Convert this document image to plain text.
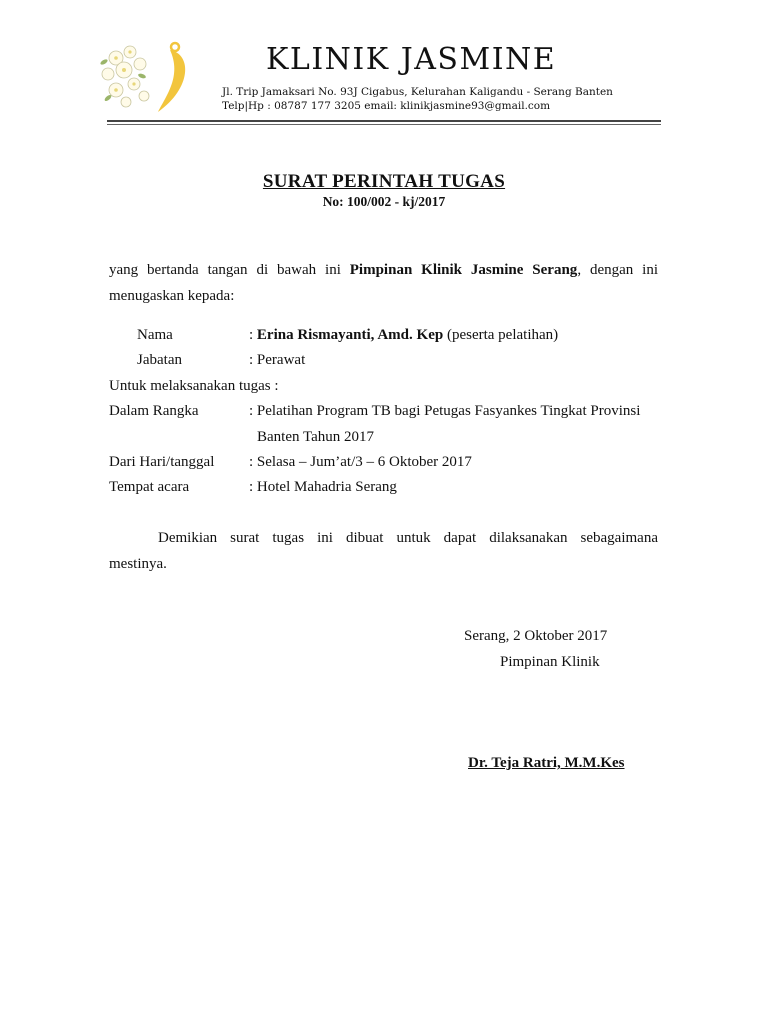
KLINIK JASMINE
Jl. Trip Jamaksari No. 93J Cigabus, Kelurahan Kaligandu - Serang Banten
Telp|Hp : 08787 177 3205 email: klinikjasmine93@gmail.com
SURAT PERINTAH TUGAS
No: 100/002 - kj/2017
yang bertanda tangan di bawah ini Pimpinan Klinik Jasmine Serang, dengan ini
menugaskan kepada:
Nama	: Erina Rismayanti, Amd. Kep (peserta pelatihan)
Jabatan	: Perawat
Untuk melaksanakan tugas :
Dalam Rangka	: Pelatihan Program TB bagi Petugas Fasyankes Tingkat Provinsi
Banten Tahun 2017
Dari Hari/tanggal : Selasa – Jum’at/3 – 6 Oktober 2017
Tempat acara	: Hotel Mahadria Serang
Demikian surat tugas ini dibuat untuk dapat dilaksanakan sebagaimana
mestinya.
Serang, 2 Oktober 2017
Pimpinan Klinik
Dr. Teja Ratri, M.M.Kes
